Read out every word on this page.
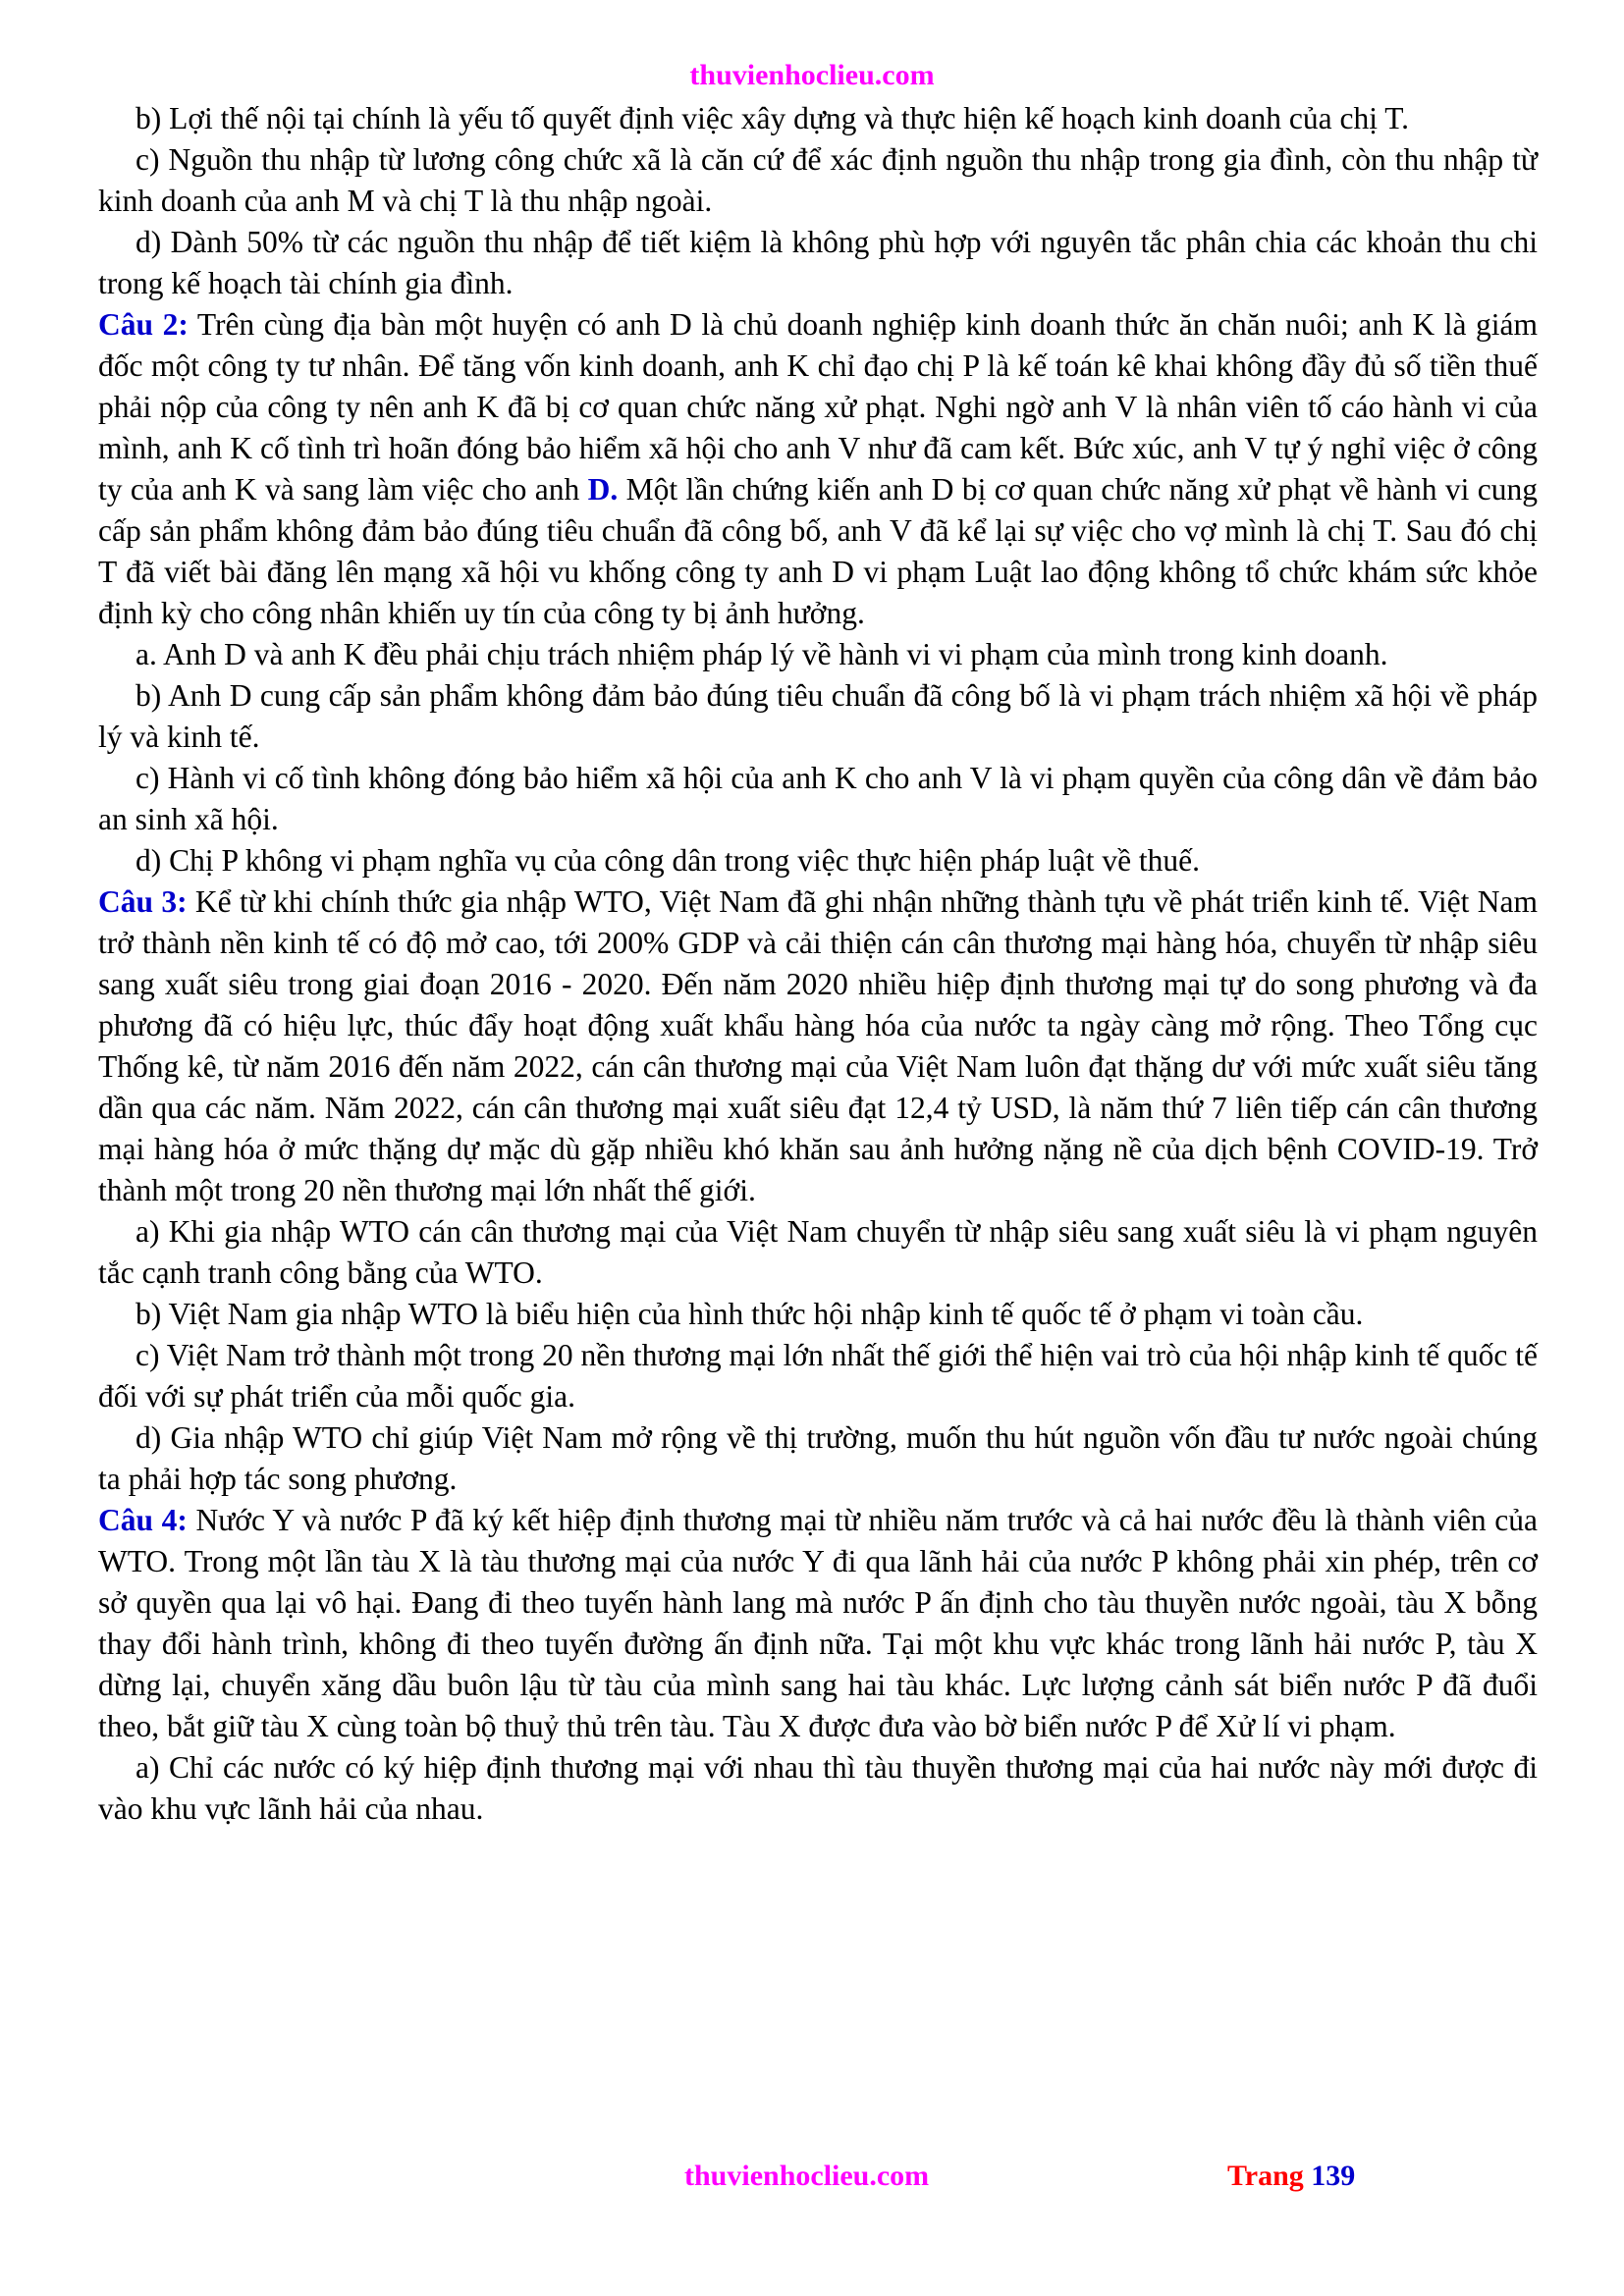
thuvienhoclieu.com

b) Lợi thế nội tại chính là yếu tố quyết định việc xây dựng và thực hiện kế hoạch kinh doanh của chị T.

c) Nguồn thu nhập từ lương công chức xã là căn cứ để xác định nguồn thu nhập trong gia đình, còn thu nhập từ kinh doanh của anh M và chị T là thu nhập ngoài.

d) Dành 50% từ các nguồn thu nhập để tiết kiệm là không phù hợp với nguyên tắc phân chia các khoản thu chi trong kế hoạch tài chính gia đình.

Câu 2: Trên cùng địa bàn một huyện có anh D là chủ doanh nghiệp kinh doanh thức ăn chăn nuôi; anh K là giám đốc một công ty tư nhân. Để tăng vốn kinh doanh, anh K chỉ đạo chị P là kế toán kê khai không đầy đủ số tiền thuế phải nộp của công ty nên anh K đã bị cơ quan chức năng xử phạt. Nghi ngờ anh V là nhân viên tố cáo hành vi của mình, anh K cố tình trì hoãn đóng bảo hiểm xã hội cho anh V như đã cam kết. Bức xúc, anh V tự ý nghỉ việc ở công ty của anh K và sang làm việc cho anh D. Một lần chứng kiến anh D bị cơ quan chức năng xử phạt về hành vi cung cấp sản phẩm không đảm bảo đúng tiêu chuẩn đã công bố, anh V đã kể lại sự việc cho vợ mình là chị T. Sau đó chị T đã viết bài đăng lên mạng xã hội vu khống công ty anh D vi phạm Luật lao động không tổ chức khám sức khỏe định kỳ cho công nhân khiến uy tín của công ty bị ảnh hưởng.

a. Anh D và anh K đều phải chịu trách nhiệm pháp lý về hành vi vi phạm của mình trong kinh doanh.

b) Anh D cung cấp sản phẩm không đảm bảo đúng tiêu chuẩn đã công bố là vi phạm trách nhiệm xã hội về pháp lý và kinh tế.

c) Hành vi cố tình không đóng bảo hiểm xã hội của anh K cho anh V là vi phạm quyền của công dân về đảm bảo an sinh xã hội.

d) Chị P không vi phạm nghĩa vụ của công dân trong việc thực hiện pháp luật về thuế.

Câu 3: Kể từ khi chính thức gia nhập WTO, Việt Nam đã ghi nhận những thành tựu về phát triển kinh tế. Việt Nam trở thành nền kinh tế có độ mở cao, tới 200% GDP và cải thiện cán cân thương mại hàng hóa, chuyển từ nhập siêu sang xuất siêu trong giai đoạn 2016 - 2020. Đến năm 2020 nhiều hiệp định thương mại tự do song phương và đa phương đã có hiệu lực, thúc đẩy hoạt động xuất khẩu hàng hóa của nước ta ngày càng mở rộng. Theo Tổng cục Thống kê, từ năm 2016 đến năm 2022, cán cân thương mại của Việt Nam luôn đạt thặng dư với mức xuất siêu tăng dần qua các năm. Năm 2022, cán cân thương mại xuất siêu đạt 12,4 tỷ USD, là năm thứ 7 liên tiếp cán cân thương mại hàng hóa ở mức thặng dự mặc dù gặp nhiều khó khăn sau ảnh hưởng nặng nề của dịch bệnh COVID-19. Trở thành một trong 20 nền thương mại lớn nhất thế giới.

a) Khi gia nhập WTO cán cân thương mại của Việt Nam chuyển từ nhập siêu sang xuất siêu là vi phạm nguyên tắc cạnh tranh công bằng của WTO.

b) Việt Nam gia nhập WTO là biểu hiện của hình thức hội nhập kinh tế quốc tế ở phạm vi toàn cầu.

c) Việt Nam trở thành một trong 20 nền thương mại lớn nhất thế giới thể hiện vai trò của hội nhập kinh tế quốc tế đối với sự phát triển của mỗi quốc gia.

d) Gia nhập WTO chỉ giúp Việt Nam mở rộng về thị trường, muốn thu hút nguồn vốn đầu tư nước ngoài chúng ta phải hợp tác song phương.

Câu 4: Nước Y và nước P đã ký kết hiệp định thương mại từ nhiều năm trước và cả hai nước đều là thành viên của WTO. Trong một lần tàu X là tàu thương mại của nước Y đi qua lãnh hải của nước P không phải xin phép, trên cơ sở quyền qua lại vô hại. Đang đi theo tuyến hành lang mà nước P ấn định cho tàu thuyền nước ngoài, tàu X bỗng thay đổi hành trình, không đi theo tuyến đường ấn định nữa. Tại một khu vực khác trong lãnh hải nước P, tàu X dừng lại, chuyển xăng dầu buôn lậu từ tàu của mình sang hai tàu khác. Lực lượng cảnh sát biển nước P đã đuổi theo, bắt giữ tàu X cùng toàn bộ thuỷ thủ trên tàu. Tàu X được đưa vào bờ biển nước P để Xử lí vi phạm.

a) Chỉ các nước có ký hiệp định thương mại với nhau thì tàu thuyền thương mại của hai nước này mới được đi vào khu vực lãnh hải của nhau.

thuvienhoclieu.com	Trang 139
